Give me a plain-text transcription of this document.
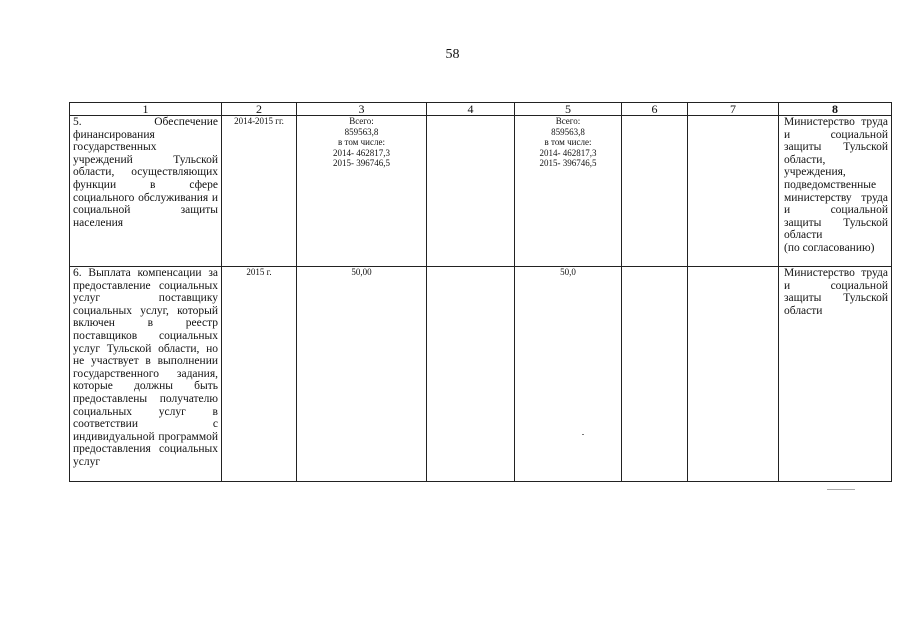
58
1	2	3	4	5	6	7	8
5. Обеспечение финансирования государственных учреждений Тульской области, осуществляющих функции в сфере социального обслуживания и социальной защиты населения	2014-2015 гг.	Всего:
859563,8
в том числе:
2014- 462817,3
2015- 396746,5		Всего:
859563,8
в том числе:
2014- 462817,3
2015- 396746,5			Министерство труда и социальной защиты Тульской области,
учреждения,
подведомственные министерству труда и социальной защиты Тульской области
(по согласованию)

6. Выплата компенсации за предоставление социальных услуг поставщику социальных услуг, который включен в реестр поставщиков социальных услуг Тульской области, но не участвует в выполнении государственного задания, которые должны быть предоставлены получателю социальных услуг в соответствии с индивидуальной программой предоставления социальных услуг	2015 г.	50,00		50,0			Министерство труда и социальной защиты Тульской области
